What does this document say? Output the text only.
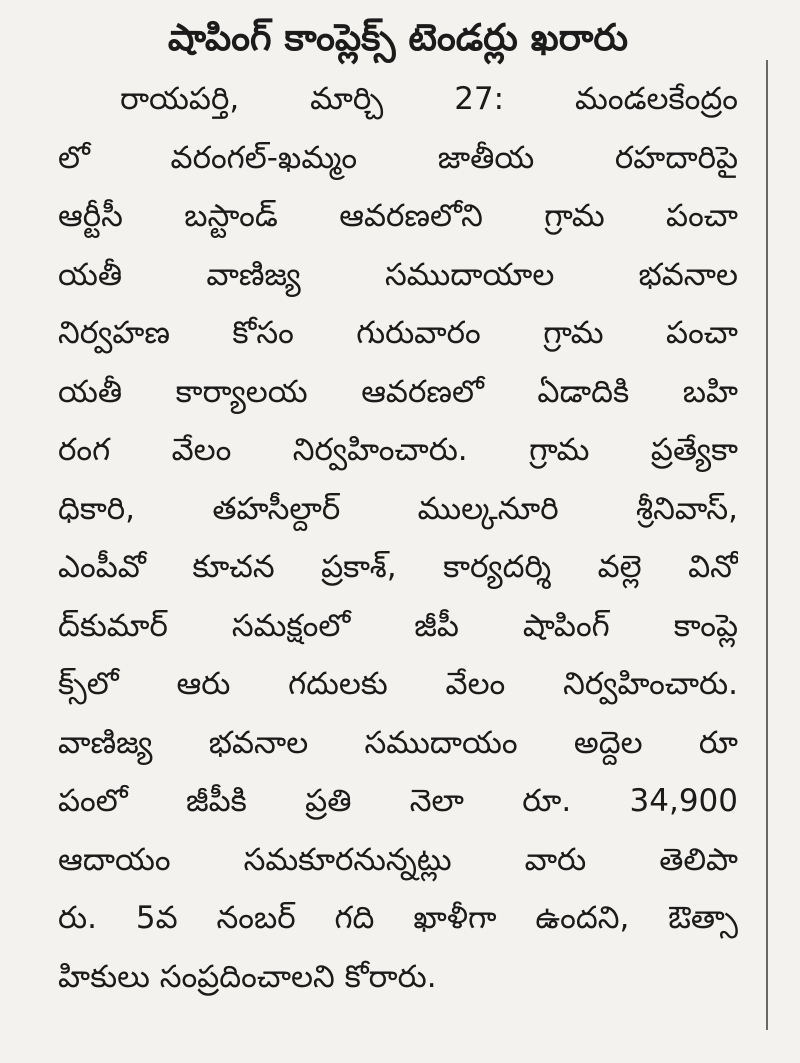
షాపింగ్ కాంప్లెక్స్ టెండర్లు ఖరారు
రాయపర్తి, మార్చి 27: మండలకేంద్రం
లో వరంగల్-ఖమ్మం జాతీయ రహదారిపై
ఆర్టీసీ బస్టాండ్ ఆవరణలోని గ్రామ పంచా
యతీ వాణిజ్య సముదాయాల భవనాల
నిర్వహణ కోసం గురువారం గ్రామ పంచా
యతీ కార్యాలయ ఆవరణలో ఏడాదికి బహి
రంగ వేలం నిర్వహించారు. గ్రామ ప్రత్యేకా
ధికారి, తహసీల్దార్ ముల్కనూరి శ్రీనివాస్,
ఎంపీవో కూచన ప్రకాశ్, కార్యదర్శి వల్లె వినో
ద్‌కుమార్ సమక్షంలో జీపీ షాపింగ్ కాంప్లె
క్స్‌లో ఆరు గదులకు వేలం నిర్వహించారు.
వాణిజ్య భవనాల సముదాయం అద్దెల రూ
పంలో జీపీకి ప్రతి నెలా రూ. 34,900
ఆదాయం సమకూరనున్నట్లు వారు తెలిపా
రు. 5వ నంబర్ గది ఖాళీగా ఉందని, ఔత్సా
హికులు సంప్రదించాలని కోరారు.
